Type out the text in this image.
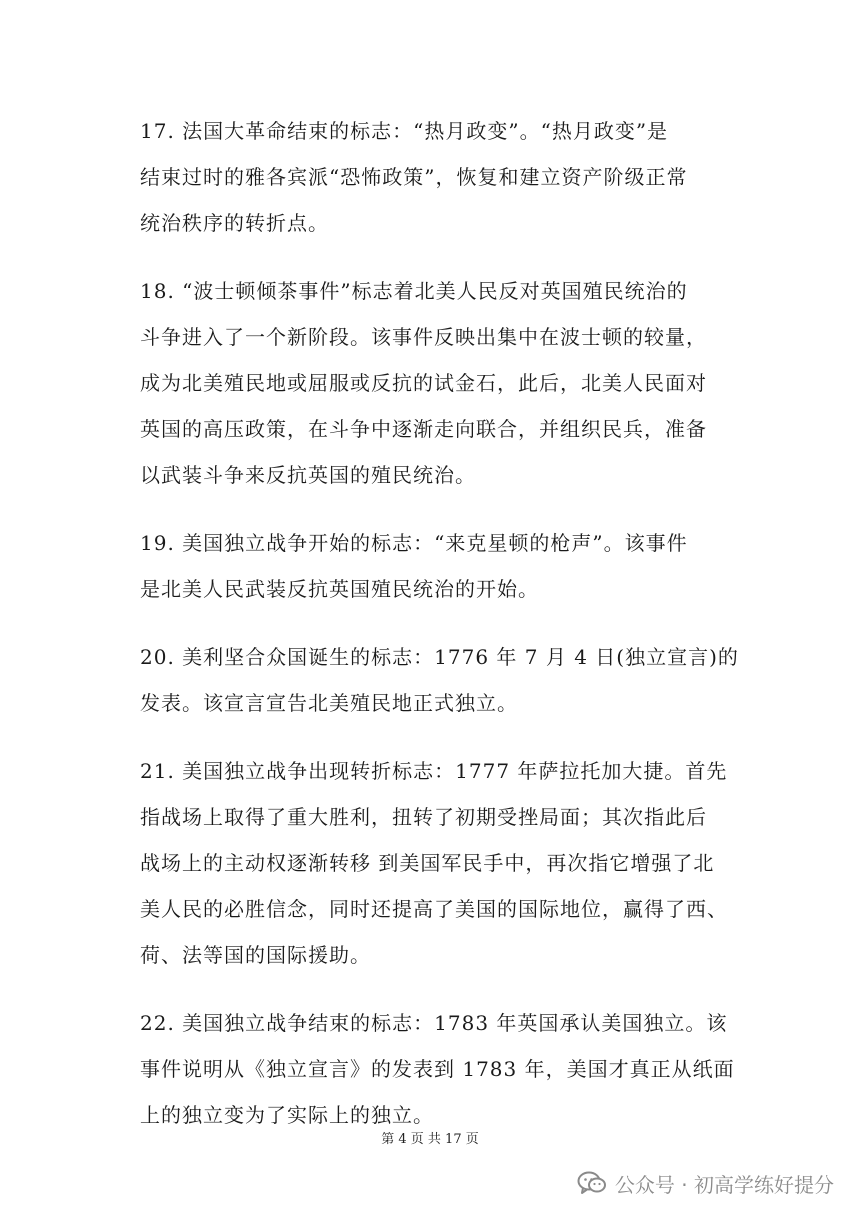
17. 法国大革命结束的标志：“热月政变”。“热月政变”是
结束过时的雅各宾派“恐怖政策”，恢复和建立资产阶级正常
统治秩序的转折点。

18. “波士顿倾茶事件”标志着北美人民反对英国殖民统治的
斗争进入了一个新阶段。该事件反映出集中在波士顿的较量，
成为北美殖民地或屈服或反抗的试金石，此后，北美人民面对
英国的高压政策，在斗争中逐渐走向联合，并组织民兵，准备
以武装斗争来反抗英国的殖民统治。

19. 美国独立战争开始的标志：“来克星顿的枪声”。该事件
是北美人民武装反抗英国殖民统治的开始。

20. 美利坚合众国诞生的标志：1776 年 7 月 4 日(独立宣言)的
发表。该宣言宣告北美殖民地正式独立。

21. 美国独立战争出现转折标志：1777 年萨拉托加大捷。首先
指战场上取得了重大胜利，扭转了初期受挫局面；其次指此后
战场上的主动权逐渐转移 到美国军民手中，再次指它增强了北
美人民的必胜信念，同时还提高了美国的国际地位，赢得了西、
荷、法等国的国际援助。

22. 美国独立战争结束的标志：1783 年英国承认美国独立。该
事件说明从《独立宣言》的发表到 1783 年，美国才真正从纸面
上的独立变为了实际上的独立。

第 4 页 共 17 页
公众号 · 初高学练好提分
